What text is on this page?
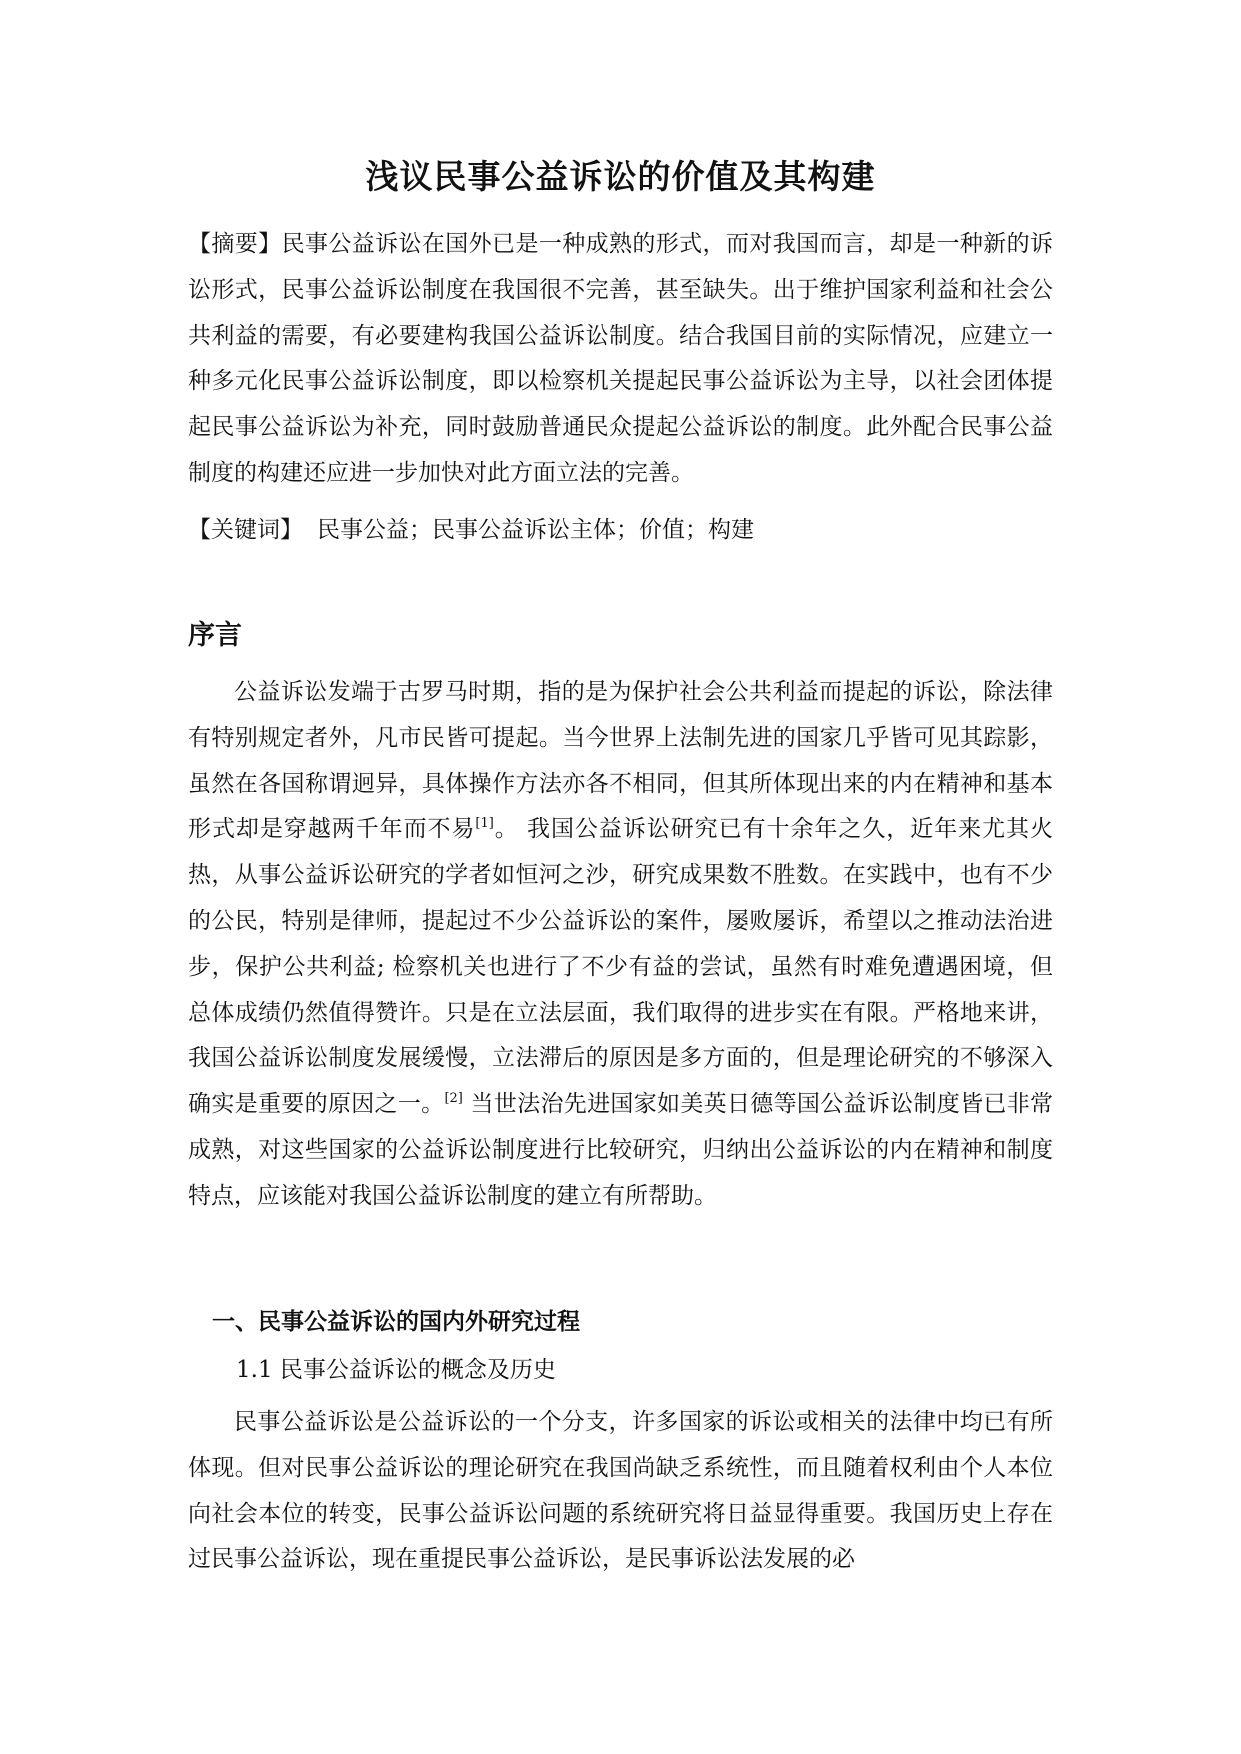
浅议民事公益诉讼的价值及其构建
【摘要】民事公益诉讼在国外已是一种成熟的形式，而对我国而言，却是一种新的诉讼形式，民事公益诉讼制度在我国很不完善，甚至缺失。出于维护国家利益和社会公共利益的需要，有必要建构我国公益诉讼制度。结合我国目前的实际情况，应建立一种多元化民事公益诉讼制度，即以检察机关提起民事公益诉讼为主导，以社会团体提起民事公益诉讼为补充，同时鼓励普通民众提起公益诉讼的制度。此外配合民事公益制度的构建还应进一步加快对此方面立法的完善。
【关键词】 民事公益；民事公益诉讼主体；价值；构建
序言
公益诉讼发端于古罗马时期，指的是为保护社会公共利益而提起的诉讼，除法律有特别规定者外，凡市民皆可提起。当今世界上法制先进的国家几乎皆可见其踪影，虽然在各国称谓迥异，具体操作方法亦各不相同，但其所体现出来的内在精神和基本形式却是穿越两千年而不易[1]。 我国公益诉讼研究已有十余年之久，近年来尤其火热，从事公益诉讼研究的学者如恒河之沙，研究成果数不胜数。在实践中，也有不少的公民，特别是律师，提起过不少公益诉讼的案件，屡败屡诉，希望以之推动法治进步，保护公共利益; 检察机关也进行了不少有益的尝试，虽然有时难免遭遇困境，但总体成绩仍然值得赞许。只是在立法层面，我们取得的进步实在有限。严格地来讲，我国公益诉讼制度发展缓慢，立法滞后的原因是多方面的，但是理论研究的不够深入确实是重要的原因之一。[2] 当世法治先进国家如美英日德等国公益诉讼制度皆已非常成熟，对这些国家的公益诉讼制度进行比较研究，归纳出公益诉讼的内在精神和制度特点，应该能对我国公益诉讼制度的建立有所帮助。
一、民事公益诉讼的国内外研究过程
1.1 民事公益诉讼的概念及历史
民事公益诉讼是公益诉讼的一个分支，许多国家的诉讼或相关的法律中均已有所体现。但对民事公益诉讼的理论研究在我国尚缺乏系统性，而且随着权利由个人本位向社会本位的转变，民事公益诉讼问题的系统研究将日益显得重要。我国历史上存在过民事公益诉讼，现在重提民事公益诉讼，是民事诉讼法发展的必
